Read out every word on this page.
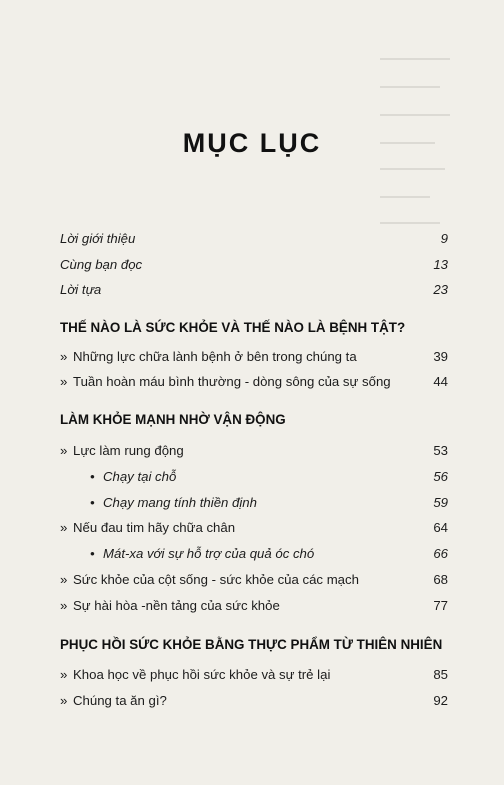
MỤC LỤC
Lời giới thiệu	9
Cùng bạn đọc	13
Lời tựa	23
THẾ NÀO LÀ SỨC KHỎE VÀ THẾ NÀO LÀ BỆNH TẬT?
» Những lực chữa lành bệnh ở bên trong chúng ta	39
» Tuần hoàn máu bình thường - dòng sông của sự sống	44
LÀM KHỎE MẠNH NHỜ VẬN ĐỘNG
» Lực làm rung động	53
• Chạy tại chỗ	56
• Chạy mang tính thiền định	59
» Nếu đau tim hãy chữa chân	64
• Mát-xa với sự hỗ trợ của quả óc chó	66
» Sức khỏe của cột sống - sức khỏe của các mạch	68
» Sự hài hòa -nền tảng của sức khỏe	77
PHỤC HỒI SỨC KHỎE BẰNG THỰC PHẨM TỪ THIÊN NHIÊN
» Khoa học về phục hồi sức khỏe và sự trẻ lại	85
» Chúng ta ăn gì?	92
